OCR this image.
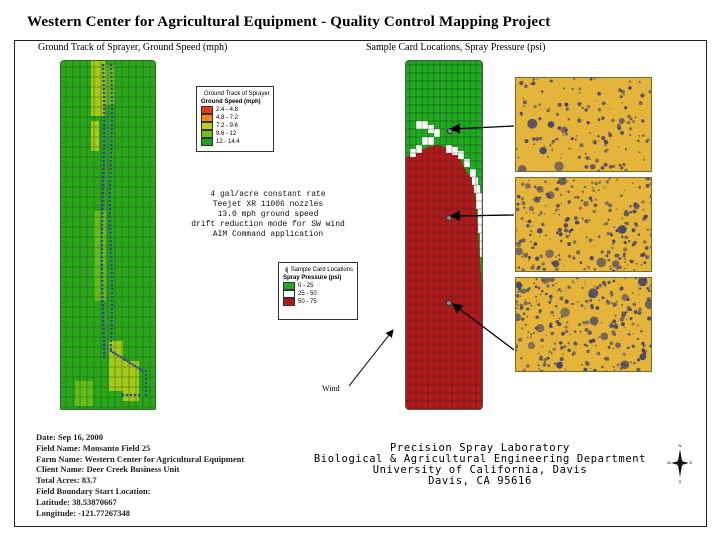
Western Center for Agricultural Equipment - Quality Control Mapping Project
Ground Track of Sprayer, Ground Speed (mph)	Sample Card Locations, Spray Pressure (psi)
Ground Track of Sprayer
Ground Speed (mph)
2.4 - 4.8
4.8 - 7.2
7.2 - 9.6
9.6 - 12
12 - 14.4
Sample Card Locations
Spray Pressure (psi)
0 - 25
25 - 50
50 - 75
4 gal/acre constant rate
Teejet XR 11006 nozzles
13.0 mph ground speed
drift reduction mode for SW wind
AIM Command application
Wind
Date: Sep 16, 2000
Field Name: Monsanto Field 25
Farm Name: Western Center for Agricultural Equipment
Client Name: Deer Creek Business Unit
Total Acres: 83.7
Field Boundary Start Location:
Latitude: 38.53870667
Longitude: -121.77267348
Precision Spray Laboratory
Biological & Agricultural Engineering Department
University of California, Davis
Davis, CA 95616
N
S
W	E
